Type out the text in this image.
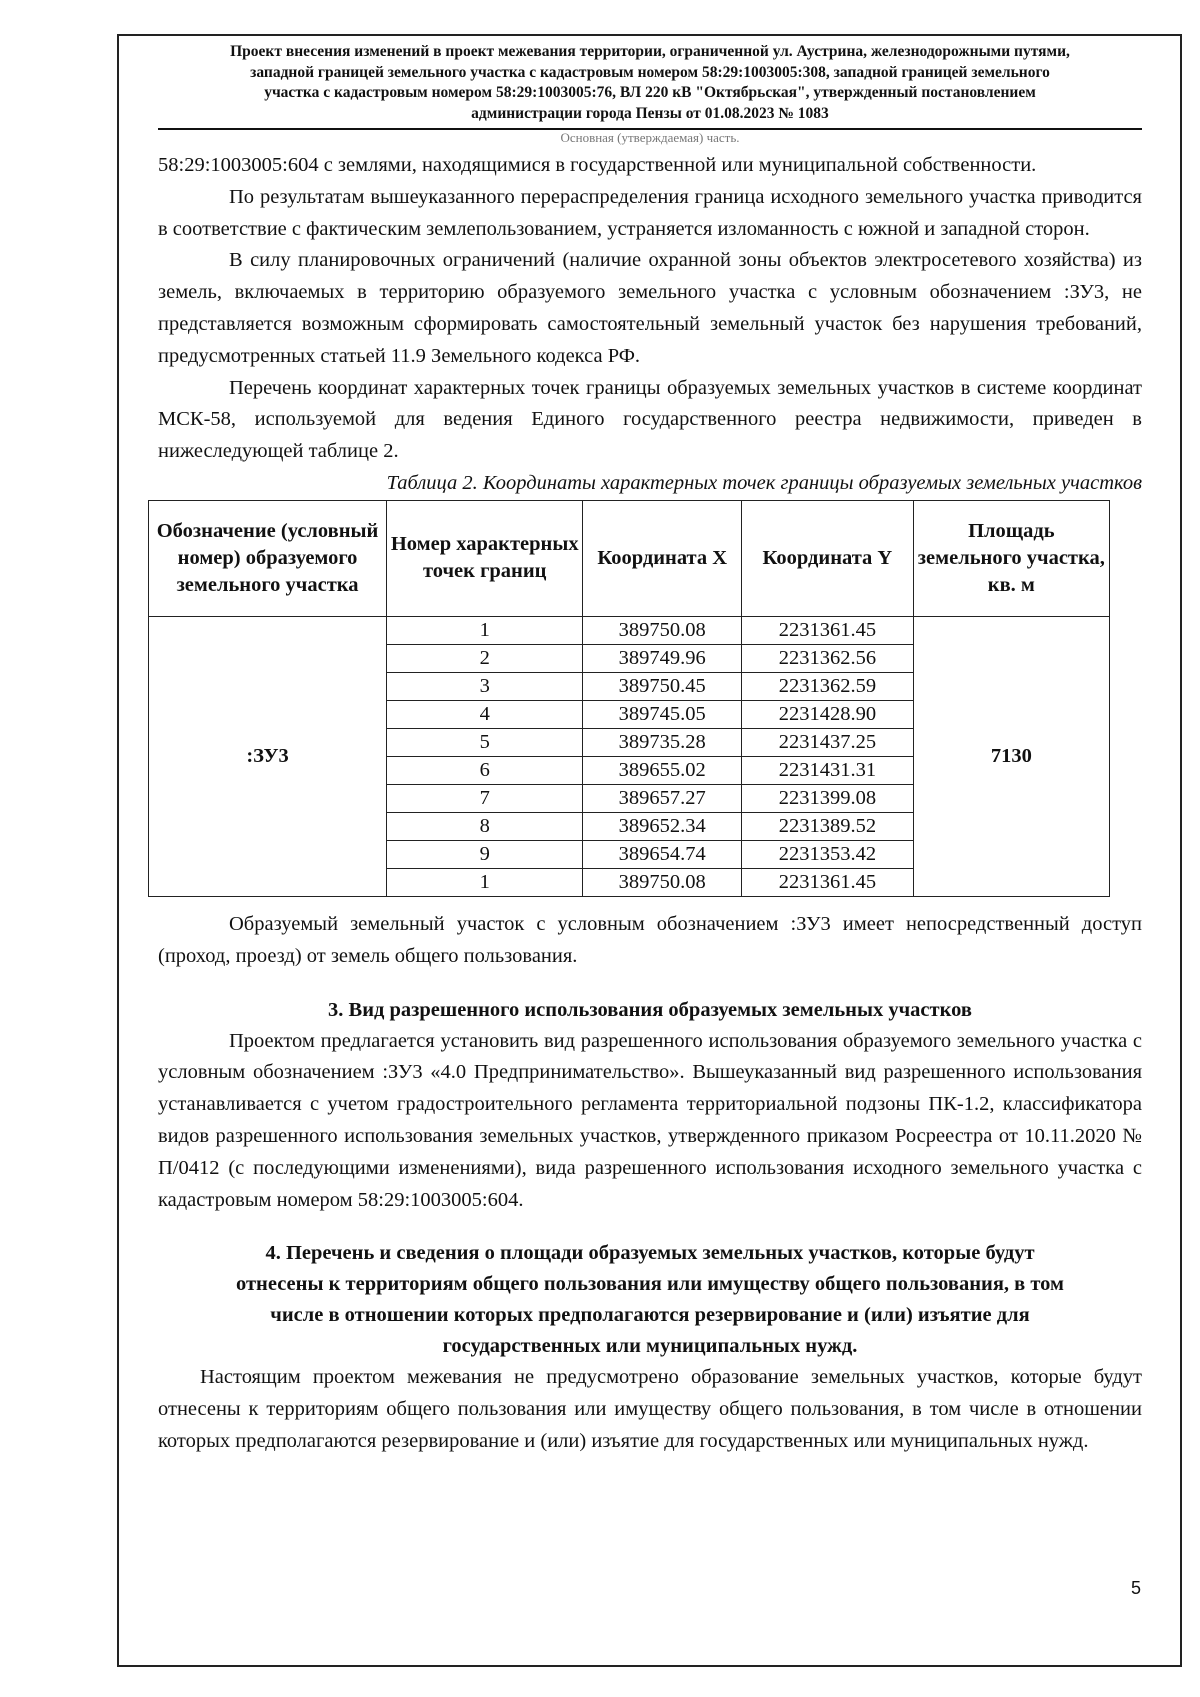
Проект внесения изменений в проект межевания территории, ограниченной ул. Аустрина, железнодорожными путями,
западной границей земельного участка с кадастровым номером 58:29:1003005:308, западной границей земельного
участка с кадастровым номером 58:29:1003005:76, ВЛ 220 кВ "Октябрьская", утвержденный постановлением
администрации города Пензы от 01.08.2023 № 1083
Основная (утверждаемая) часть.

58:29:1003005:604 с землями, находящимися в государственной или муниципальной собственности.

По результатам вышеуказанного перераспределения граница исходного земельного участка приводится в соответствие с фактическим землепользованием, устраняется изломанность с южной и западной сторон.

В силу планировочных ограничений (наличие охранной зоны объектов электросетевого хозяйства) из земель, включаемых в территорию образуемого земельного участка с условным обозначением :ЗУ3, не представляется возможным сформировать самостоятельный земельный участок без нарушения требований, предусмотренных статьей 11.9 Земельного кодекса РФ.

Перечень координат характерных точек границы образуемых земельных участков в системе координат МСК-58, используемой для ведения Единого государственного реестра недвижимости, приведен в нижеследующей таблице 2.

Таблица 2. Координаты характерных точек границы образуемых земельных участков

Обозначение (условный номер) образуемого земельного участка	Номер характерных точек границ	Координата X	Координата Y	Площадь земельного участка, кв. м
:ЗУ3	1	389750.08	2231361.45	7130
	2	389749.96	2231362.56	
	3	389750.45	2231362.59	
	4	389745.05	2231428.90	
	5	389735.28	2231437.25	
	6	389655.02	2231431.31	
	7	389657.27	2231399.08	
	8	389652.34	2231389.52	
	9	389654.74	2231353.42	
	1	389750.08	2231361.45	

Образуемый земельный участок с условным обозначением :ЗУ3 имеет непосредственный доступ (проход, проезд) от земель общего пользования.

3. Вид разрешенного использования образуемых земельных участков

Проектом предлагается установить вид разрешенного использования образуемого земельного участка с условным обозначением :ЗУ3 «4.0 Предпринимательство». Вышеуказанный вид разрешенного использования устанавливается с учетом градостроительного регламента территориальной подзоны ПК-1.2, классификатора видов разрешенного использования земельных участков, утвержденного приказом Росреестра от 10.11.2020 № П/0412 (с последующими изменениями), вида разрешенного использования исходного земельного участка с кадастровым номером 58:29:1003005:604.

4. Перечень и сведения о площади образуемых земельных участков, которые будут
отнесены к территориям общего пользования или имуществу общего пользования, в том
числе в отношении которых предполагаются резервирование и (или) изъятие для
государственных или муниципальных нужд.

Настоящим проектом межевания не предусмотрено образование земельных участков, которые будут отнесены к территориям общего пользования или имуществу общего пользования, в том числе в отношении которых предполагаются резервирование и (или) изъятие для государственных или муниципальных нужд.

5
